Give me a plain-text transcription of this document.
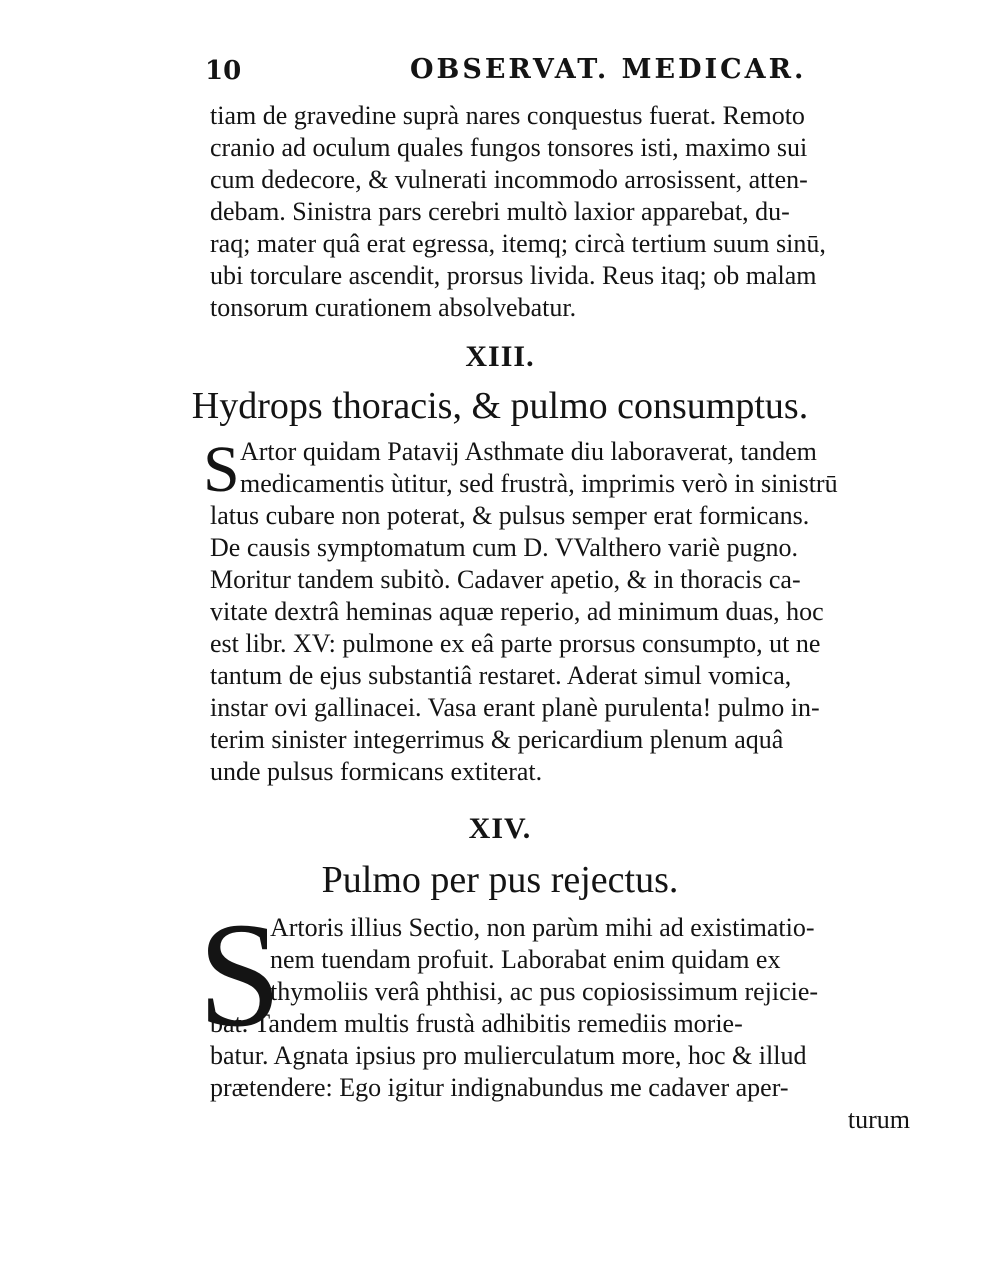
10	OBSERVAT. MEDICAR.
tiam de gravedine suprà nares conquestus fuerat. Remoto
cranio ad oculum quales fungos tonsores isti, maximo sui
cum dedecore, & vulnerati incommodo arrosissent, atten-
debam. Sinistra pars cerebri multò laxior apparebat, du-
raq; mater quâ erat egressa, itemq; circà tertium suum sinū,
ubi torculare ascendit, prorsus livida. Reus itaq; ob malam
tonsorum curationem absolvebatur.
XIII.
Hydrops thoracis, & pulmo consumptus.
S Artor quidam Patavij Asthmate diu laboraverat, tandem
medicamentis ùtitur, sed frustrà, imprimis verò in sinistrū
latus cubare non poterat, & pulsus semper erat formicans.
De causis symptomatum cum D. VValthero variè pugno.
Moritur tandem subitò. Cadaver apetio, & in thoracis ca-
vitate dextrâ heminas aquæ reperio, ad minimum duas, hoc
est libr. XV: pulmone ex eâ parte prorsus consumpto, ut ne
tantum de ejus substantiâ restaret. Aderat simul vomica,
instar ovi gallinacei. Vasa erant planè purulenta! pulmo in-
terim sinister integerrimus & pericardium plenum aquâ
unde pulsus formicans extiterat.
XIV.
Pulmo per pus rejectus.
S
Artoris illius Sectio, non parùm mihi ad existimatio-
nem tuendam profuit. Laborabat enim quidam ex
thymoliis verâ phthisi, ac pus copiosissimum rejicie-
bat. Tandem multis frustà adhibitis remediis morie-
batur. Agnata ipsius pro mulierculatum more, hoc & illud
prætendere: Ego igitur indignabundus me cadaver aper-
turum
